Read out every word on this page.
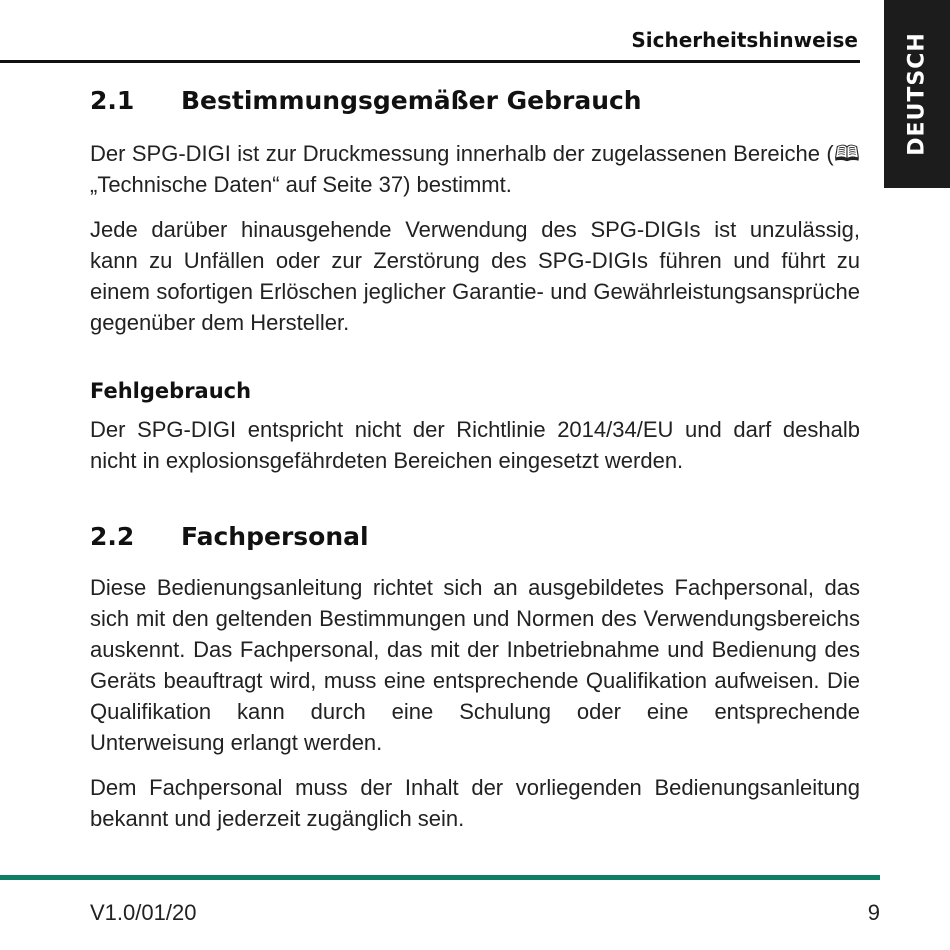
Sicherheitshinweise DEUTSCH
2.1 Bestimmungsgemäßer Gebrauch

Der SPG-DIGI ist zur Druckmessung innerhalb der zugelassenen Bereiche (🕮 „Technische Daten“ auf Seite 37) bestimmt.

Jede darüber hinausgehende Verwendung des SPG-DIGIs ist unzulässig, kann zu Unfällen oder zur Zerstörung des SPG-DIGIs führen und führt zu einem sofortigen Erlöschen jeglicher Garantie- und Gewährleistungsansprüche gegenüber dem Hersteller.

Fehlgebrauch

Der SPG-DIGI entspricht nicht der Richtlinie 2014/34/EU und darf deshalb nicht in explosionsgefährdeten Bereichen eingesetzt werden.

2.2 Fachpersonal

Diese Bedienungsanleitung richtet sich an ausgebildetes Fachpersonal, das sich mit den geltenden Bestimmungen und Normen des Verwendungsbereichs auskennt. Das Fachpersonal, das mit der Inbetriebnahme und Bedienung des Geräts beauftragt wird, muss eine entsprechende Qualifikation aufweisen. Die Qualifikation kann durch eine Schulung oder eine entsprechende Unterweisung erlangt werden.

Dem Fachpersonal muss der Inhalt der vorliegenden Bedienungsanleitung bekannt und jederzeit zugänglich sein.

V1.0/01/20	9
